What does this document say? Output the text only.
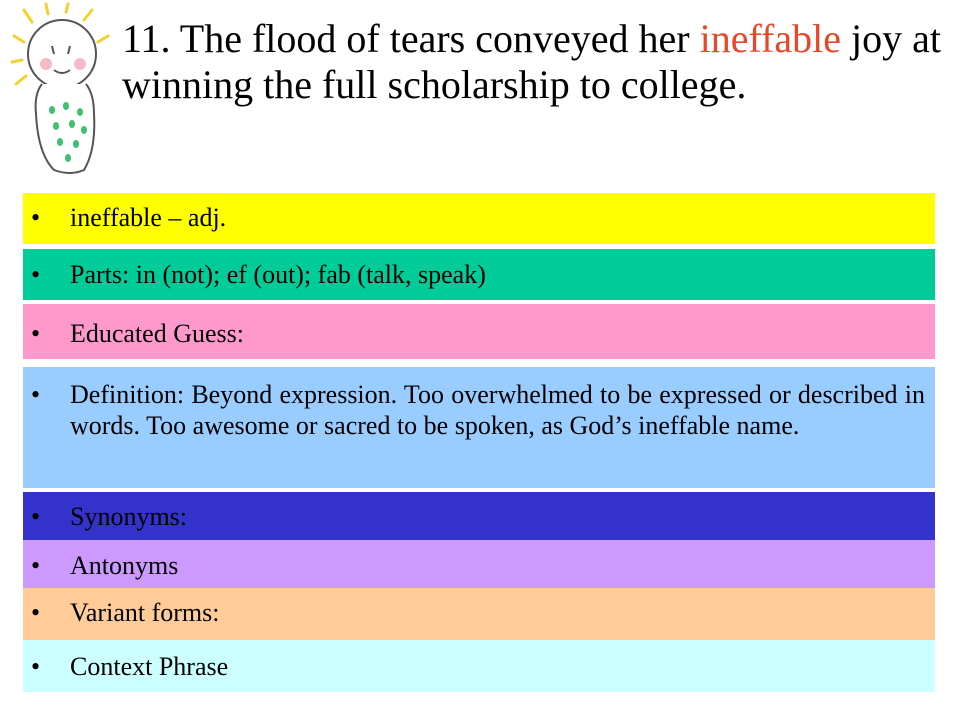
11. The flood of tears conveyed her ineffable joy at winning the full scholarship to college.
•	ineffable – adj.
•	Parts: in (not); ef (out); fab (talk, speak)
•	Educated Guess:
•	Definition: Beyond expression. Too overwhelmed to be expressed or described in words. Too awesome or sacred to be spoken, as God’s ineffable name.
•	Synonyms:
•	Antonyms
•	Variant forms:
•	Context Phrase
